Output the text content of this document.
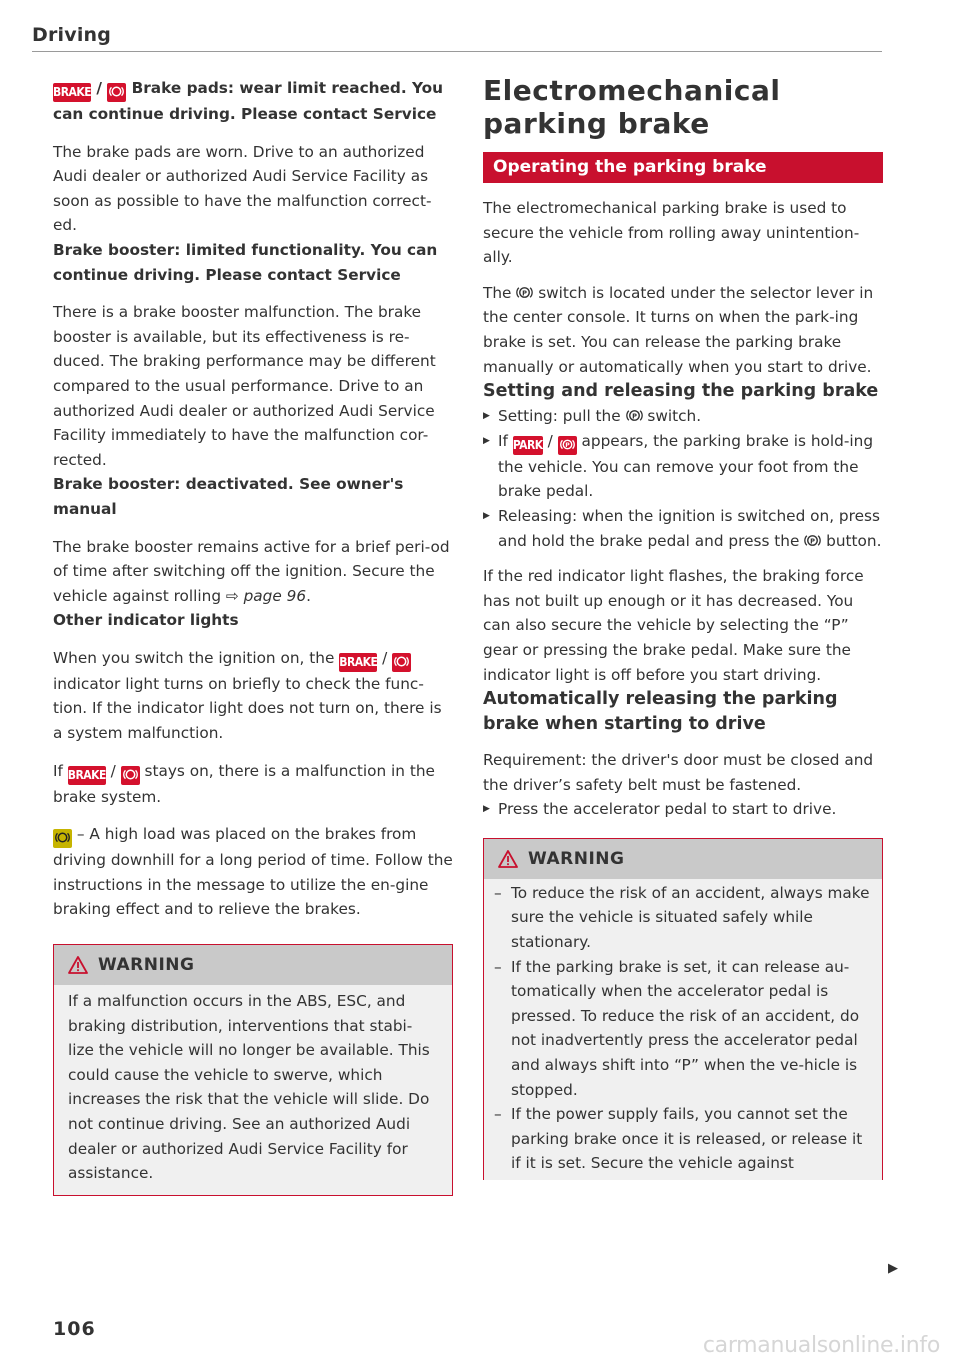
Driving
BRAKE /  Brake pads: wear limit reached. You can continue driving. Please contact Service

The brake pads are worn. Drive to an authorized Audi dealer or authorized Audi Service Facility as soon as possible to have the malfunction correct-ed.

Brake booster: limited functionality. You can continue driving. Please contact Service

There is a brake booster malfunction. The brake booster is available, but its effectiveness is re-duced. The braking performance may be different compared to the usual performance. Drive to an authorized Audi dealer or authorized Audi Service Facility immediately to have the malfunction cor-rected.

Brake booster: deactivated. See owner's manual

The brake booster remains active for a brief peri-od of time after switching off the ignition. Secure the vehicle against rolling ⇨ page 96.

Other indicator lights

When you switch the ignition on, the BRAKE /  indicator light turns on briefly to check the func-tion. If the indicator light does not turn on, there is a system malfunction.

If BRAKE /  stays on, there is a malfunction in the brake system.

– A high load was placed on the brakes from driving downhill for a long period of time. Follow the instructions in the message to utilize the en-gine braking effect and to relieve the brakes.

WARNING

If a malfunction occurs in the ABS, ESC, and braking distribution, interventions that stabi-lize the vehicle will no longer be available. This could cause the vehicle to swerve, which increases the risk that the vehicle will slide. Do not continue driving. See an authorized Audi dealer or authorized Audi Service Facility for assistance.

Electromechanical parking brake
Operating the parking brake

The electromechanical parking brake is used to secure the vehicle from rolling away unintention-ally.

The P switch is located under the selector lever in the center console. It turns on when the park-ing brake is set. You can release the parking brake manually or automatically when you start to drive.

Setting and releasing the parking brake
▶ Setting: pull the P switch.
▶ If PARK / P appears, the parking brake is hold-ing the vehicle. You can remove your foot from the brake pedal.
▶ Releasing: when the ignition is switched on, press and hold the brake pedal and press the P button.

If the red indicator light flashes, the braking force has not built up enough or it has decreased. You can also secure the vehicle by selecting the “P” gear or pressing the brake pedal. Make sure the indicator light is off before you start driving.

Automatically releasing the parking brake when starting to drive

Requirement: the driver's door must be closed and the driver’s safety belt must be fastened.

▶ Press the accelerator pedal to start to drive.
WARNING
– To reduce the risk of an accident, always make sure the vehicle is situated safely while stationary.
– If the parking brake is set, it can release au-tomatically when the accelerator pedal is pressed. To reduce the risk of an accident, do not inadvertently press the accelerator pedal and always shift into “P” when the ve-hicle is stopped.
– If the power supply fails, you cannot set the parking brake once it is released, or release it if it is set. Secure the vehicle against
▶
106
carmanualsonline.info
